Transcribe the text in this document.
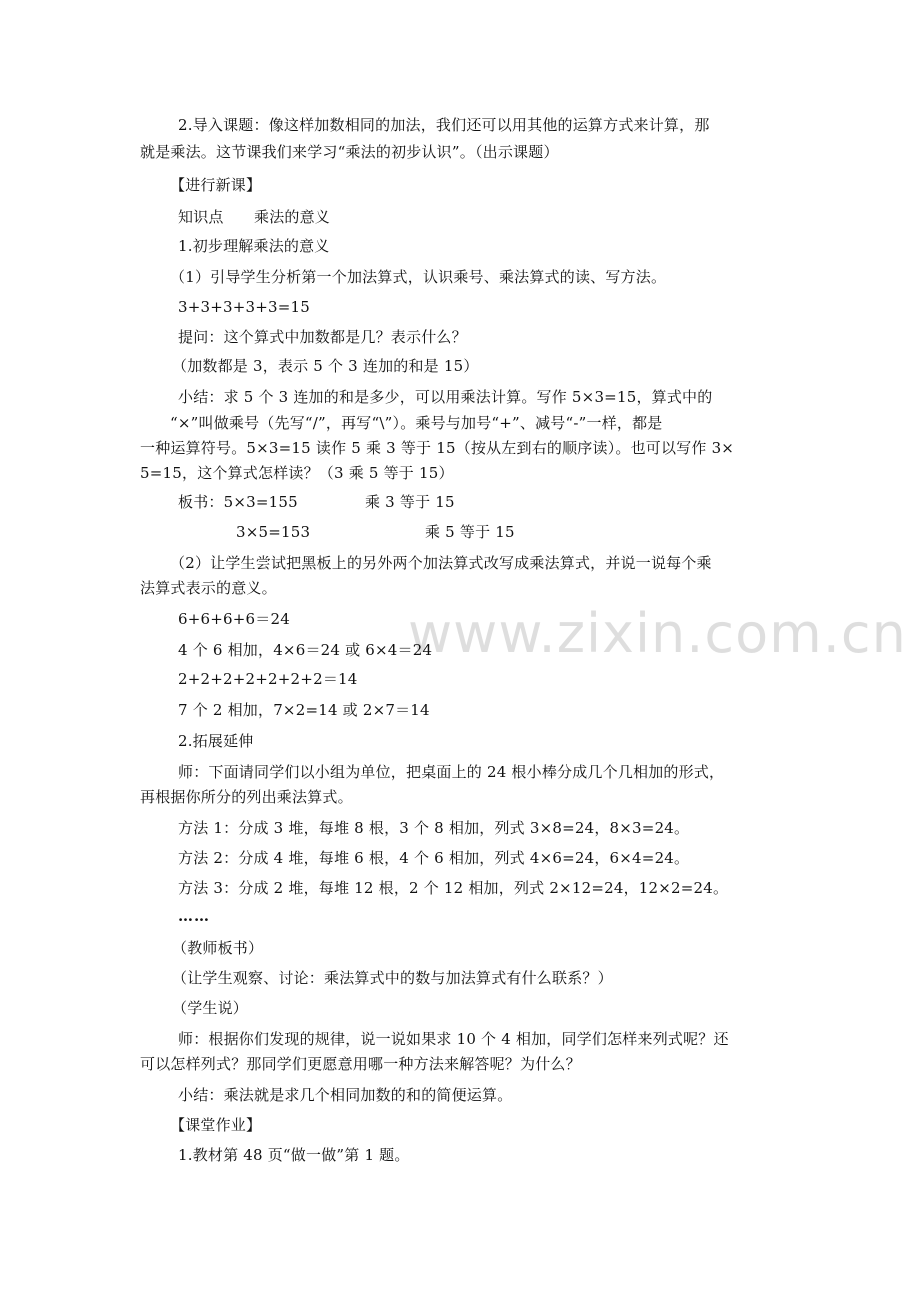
www.zixin.com.cn
2.导入课题：像这样加数相同的加法，我们还可以用其他的运算方式来计算，那
就是乘法。这节课我们来学习“乘法的初步认识”。（出示课题）
【进行新课】
知识点　　乘法的意义
1.初步理解乘法的意义
（1）引导学生分析第一个加法算式，认识乘号、乘法算式的读、写方法。
3+3+3+3+3=15
提问：这个算式中加数都是几？表示什么？
（加数都是 3，表示 5 个 3 连加的和是 15）
小结：求 5 个 3 连加的和是多少，可以用乘法计算。写作 5×3=15，算式中的
“×”叫做乘号（先写“/”，再写“\”）。乘号与加号“+”、减号“-”一样，都是
一种运算符号。5×3=15 读作 5 乘 3 等于 15（按从左到右的顺序读）。也可以写作 3×
5=15，这个算式怎样读？（3 乘 5 等于 15）
板书：5×3=155	乘 3 等于 15
3×5=153	乘 5 等于 15
（2）让学生尝试把黑板上的另外两个加法算式改写成乘法算式，并说一说每个乘
法算式表示的意义。
6+6+6+6＝24
4 个 6 相加，4×6＝24 或 6×4＝24
2+2+2+2+2+2+2＝14
7 个 2 相加，7×2=14 或 2×7＝14
2.拓展延伸
师：下面请同学们以小组为单位，把桌面上的 24 根小棒分成几个几相加的形式，
再根据你所分的列出乘法算式。
方法 1：分成 3 堆，每堆 8 根，3 个 8 相加，列式 3×8=24，8×3=24。
方法 2：分成 4 堆，每堆 6 根，4 个 6 相加，列式 4×6=24，6×4=24。
方法 3：分成 2 堆，每堆 12 根，2 个 12 相加，列式 2×12=24，12×2=24。
……
（教师板书）
（让学生观察、讨论：乘法算式中的数与加法算式有什么联系？）
（学生说）
师：根据你们发现的规律，说一说如果求 10 个 4 相加，同学们怎样来列式呢？还
可以怎样列式？那同学们更愿意用哪一种方法来解答呢？为什么？
小结：乘法就是求几个相同加数的和的简便运算。
【课堂作业】
1.教材第 48 页“做一做”第 1 题。
